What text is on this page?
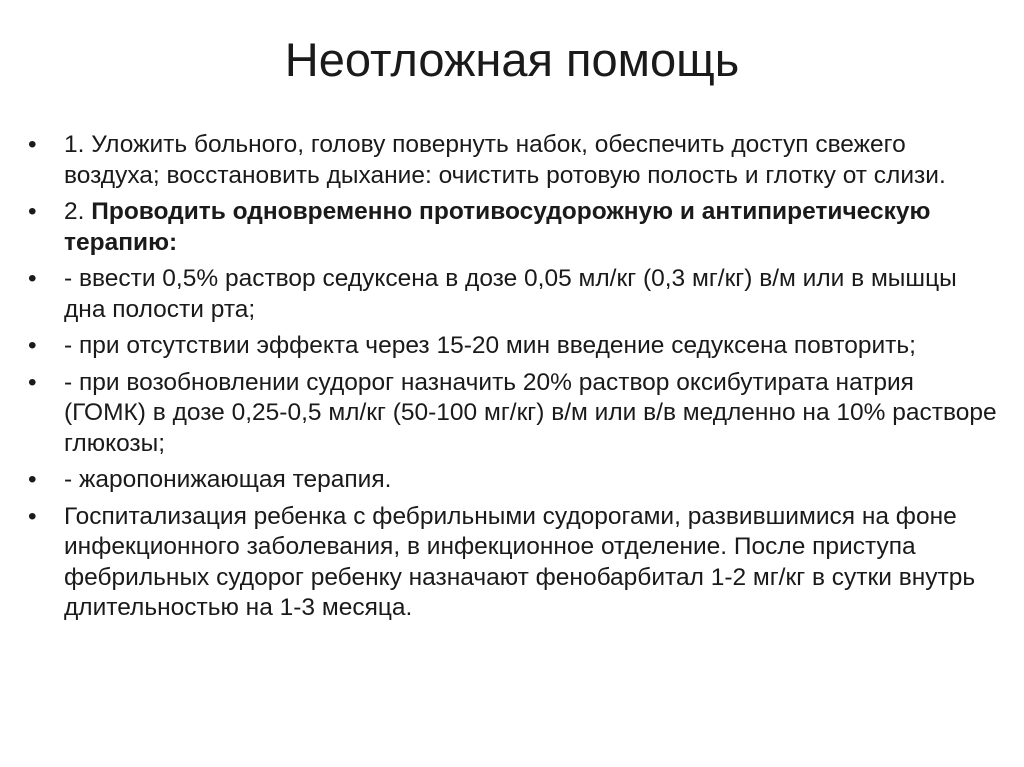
Неотложная помощь
•	1. Уложить больного, голову повернуть набок, обеспечить доступ свежего воздуха; восстановить дыхание: очистить ротовую полость и глотку от слизи.
•	2. Проводить одновременно противосудорожную и антипиретическую терапию:
•	- ввести 0,5% раствор седуксена в дозе 0,05 мл/кг (0,3 мг/кг) в/м или в мышцы дна полости рта;
•	- при отсутствии эффекта через 15-20 мин введение седуксена повторить;
•	- при возобновлении судорог назначить 20% раствор оксибутирата натрия (ГОМК) в дозе 0,25-0,5 мл/кг (50-100 мг/кг) в/м или в/в медленно на 10% растворе глюкозы;
•	- жаропонижающая терапия.
•	Госпитализация ребенка с фебрильными судорогами, развившимися на фоне инфекционного заболевания, в инфекционное отделение. После приступа фебрильных судорог ребенку назначают фенобарбитал 1-2 мг/кг в сутки внутрь длительностью на 1-3 месяца.
